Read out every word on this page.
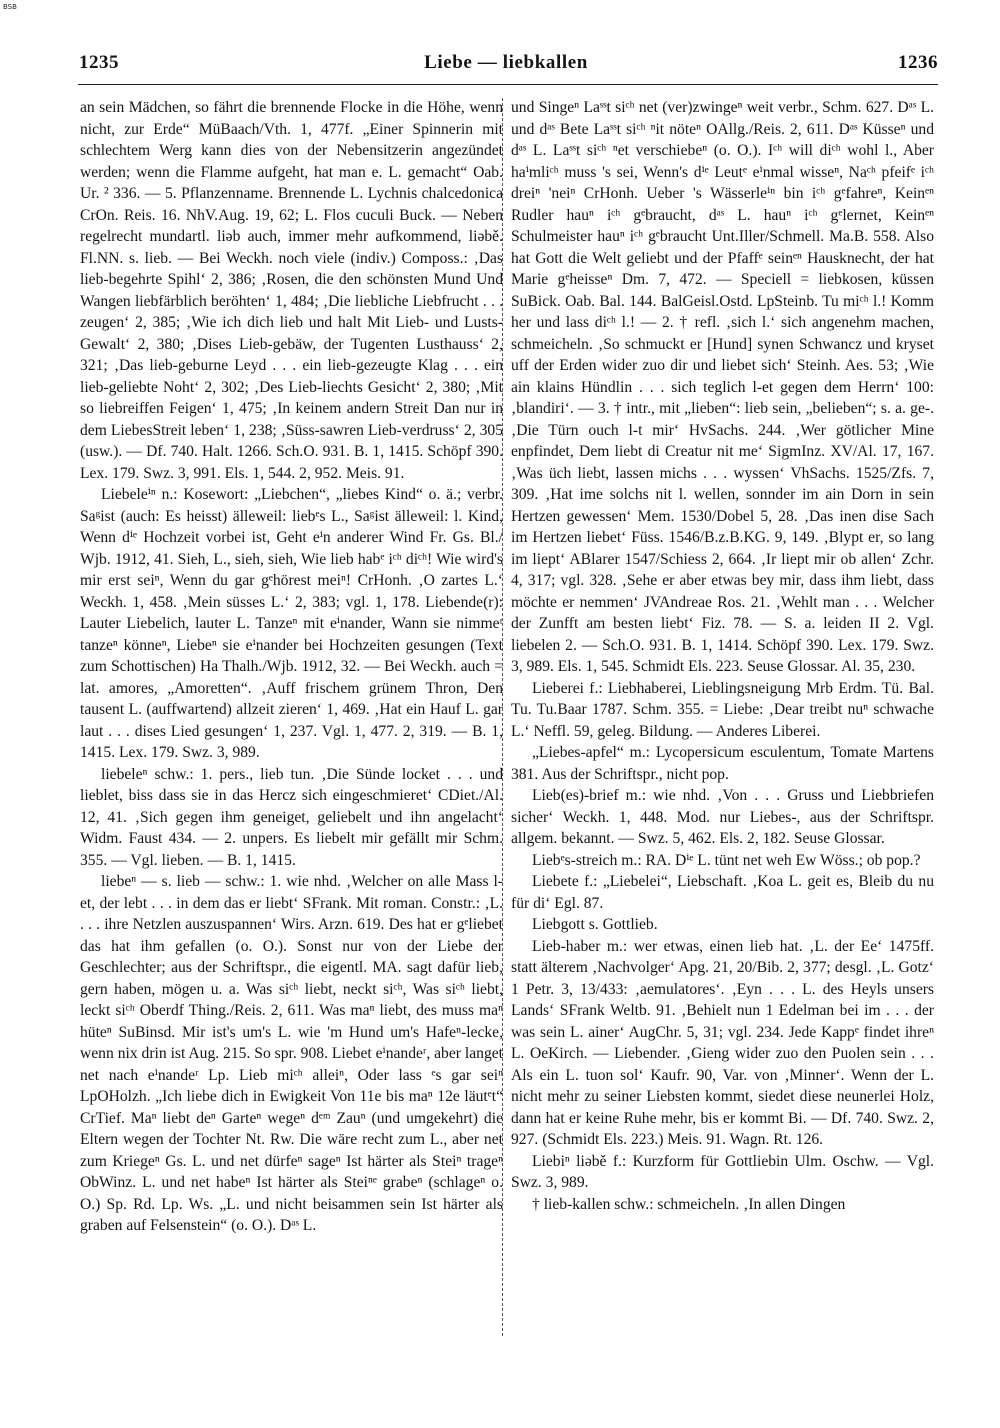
BSB
1235	Liebe — liebkallen	1236

an sein Mädchen, so fährt die brennende Flocke in die Höhe, wenn nicht, zur Erde“ MüBaach/Vth. 1, 477f. „Einer Spinnerin mit schlechtem Werg kann dies von der Nebensitzerin angezündet werden; wenn die Flamme aufgeht, hat man e. L. gemacht“ Oab. Ur. ² 336. — 5. Pflanzenname. Brennende L. Lychnis chalcedonica CrOn. Reis. 16. NhV.Aug. 19, 62; L. Flos cuculi Buck. — Neben regelrecht mundartl. liəb auch, immer mehr aufkommend, liəbě. Fl.NN. s. lieb. — Bei Weckh. noch viele (indiv.) Composs.: ‚Das lieb-begehrte Spihl‘ 2, 386; ‚Rosen, die den schönsten Mund Und Wangen liebfärblich beröhten‘ 1, 484; ‚Die liebliche Liebfrucht . . . zeugen‘ 2, 385; ‚Wie ich dich lieb und halt Mit Lieb- und Lusts-Gewalt‘ 2, 380; ‚Dises Lieb-gebäw, der Tugenten Lusthauss‘ 2, 321; ‚Das lieb-geburne Leyd . . . ein lieb-gezeugte Klag . . . ein lieb-geliebte Noht‘ 2, 302; ‚Des Lieb-liechts Gesicht‘ 2, 380; ‚Mit so liebreiffen Feigen‘ 1, 475; ‚In keinem andern Streit Dan nur in dem LiebesStreit leben‘ 1, 238; ‚Süss-sawren Lieb-verdruss‘ 2, 305 (usw.). — Df. 740. Halt. 1266. Sch.O. 931. B. 1, 1415. Schöpf 390. Lex. 179. Swz. 3, 991. Els. 1, 544. 2, 952. Meis. 91.

Liebeleⁱⁿ n.: Kosewort: „Liebchen“, „liebes Kind“ o. ä.; verbr. Saᵍist (auch: Es heisst) älleweil: liebᵉs L., Saᵍist älleweil: l. Kind, Wenn dⁱᵉ Hochzeit vorbei ist, Geht eⁱn anderer Wind Fr. Gs. Bl./ Wjb. 1912, 41. Sieh, L., sieh, sieh, Wie lieb habᵉ iᶜʰ diᶜʰ! Wie wird's mir erst seiⁿ, Wenn du gar gᵉhörest meiⁿ! CrHonh. ‚O zartes L.‘ Weckh. 1, 458. ‚Mein süsses L.‘ 2, 383; vgl. 1, 178. Liebende(r): Lauter Liebelich, lauter L. Tanzeⁿ mit eⁱnander, Wann sie nimmeʳ tanzeⁿ könneⁿ, Liebeⁿ sie eⁱnander bei Hochzeiten gesungen (Text zum Schottischen) Ha Thalh./Wjb. 1912, 32. — Bei Weckh. auch = lat. amores, „Amoretten“. ‚Auff frischem grünem Thron, Den tausent L. (auffwartend) allzeit zieren‘ 1, 469. ‚Hat ein Hauf L. gar laut . . . dises Lied gesungen‘ 1, 237. Vgl. 1, 477. 2, 319. — B. 1, 1415. Lex. 179. Swz. 3, 989.

liebeleⁿ schw.: 1. pers., lieb tun. ‚Die Sünde locket . . . und lieblet, biss dass sie in das Hercz sich eingeschmieret‘ CDiet./Al. 12, 41. ‚Sich gegen ihm geneiget, geliebelt und ihn angelacht‘ Widm. Faust 434. — 2. unpers. Es liebelt mir gefällt mir Schm. 355. — Vgl. lieben. — B. 1, 1415.

liebeⁿ — s. lieb — schw.: 1. wie nhd. ‚Welcher on alle Mass l-et, der lebt . . . in dem das er liebt‘ SFrank. Mit roman. Constr.: ‚L. . . . ihre Netzlen auszuspannen‘ Wirs. Arzn. 619. Des hat er gᵉliebet das hat ihm gefallen (o. O.). Sonst nur von der Liebe der Geschlechter; aus der Schriftspr., die eigentl. MA. sagt dafür lieb, gern haben, mögen u. a. Was siᶜʰ liebt, neckt siᶜʰ, Was siᶜʰ liebt, leckt siᶜʰ Oberdf Thing./Reis. 2, 611. Was maⁿ liebt, des muss maⁿ hüteⁿ SuBinsd. Mir ist's um's L. wie 'm Hund um's Hafeⁿ-lecke, wenn nix drin ist Aug. 215. So spr. 908. Liebet eⁱnandeʳ, aber langet net nach eⁱnandeʳ Lp. Lieb miᶜʰ alleiⁿ, Oder lass ᵉs gar seiⁿ LpOHolzh. „Ich liebe dich in Ewigkeit Von 11e bis maⁿ 12e läutᵉt“ CrTief. Maⁿ liebt deⁿ Garteⁿ wegeⁿ dᵉᵐ Zauⁿ (und umgekehrt) die Eltern wegen der Tochter Nt. Rw. Die wäre recht zum L., aber net zum Kriegeⁿ Gs. L. und net dürfeⁿ sageⁿ Ist härter als Steiⁿ trageⁿ ObWinz. L. und net habeⁿ Ist härter als Steiⁿᵉ grabeⁿ (schlageⁿ o. O.) Sp. Rd. Lp. Ws. „L. und nicht beisammen sein Ist härter als graben auf Felsenstein“ (o. O.). Dᵃˢ L.

und Singeⁿ Laˢˢt siᶜʰ net (ver)zwingeⁿ weit verbr., Schm. 627. Dᵃˢ L. und dᵃˢ Bete Laˢˢt siᶜʰ ⁿit nöteⁿ OAllg./Reis. 2, 611. Dᵃˢ Küsseⁿ und dᵃˢ L. Laˢˢt siᶜʰ ⁿet verschiebeⁿ (o. O.). Iᶜʰ will diᶜʰ wohl l., Aber haⁱmliᶜʰ muss 's sei, Wenn's dⁱᵉ Leutᵉ eⁱnmal wisseⁿ, Naᶜʰ pfeifᵉ iᶜʰ dreiⁿ 'neiⁿ CrHonh. Ueber 's Wässerleⁱⁿ bin iᶜʰ gᵉfahreⁿ, Keinᵉⁿ Rudler hauⁿ iᶜʰ gᵉbraucht, dᵃˢ L. hauⁿ iᶜʰ gᵉlernet, Keinᵉⁿ Schulmeister hauⁿ iᶜʰ gᵉbraucht Unt.Iller/Schmell. Ma.B. 558. Also hat Gott die Welt geliebt und der Pfaffᵉ seinᵉⁿ Hausknecht, der hat Marie gᵉheisseⁿ Dm. 7, 472. — Speciell = liebkosen, küssen SuBick. Oab. Bal. 144. BalGeisl.Ostd. LpSteinb. Tu miᶜʰ l.! Komm her und lass diᶜʰ l.! — 2. † refl. ‚sich l.‘ sich angenehm machen, schmeicheln. ‚So schmuckt er [Hund] synen Schwancz und kryset uff der Erden wider zuo dir und liebet sich‘ Steinh. Aes. 53; ‚Wie ain klains Hündlin . . . sich teglich l-et gegen dem Herrn‘ 100: ‚blandiri‘. — 3. † intr., mit „lieben“: lieb sein, „belieben“; s. a. ge-. ‚Die Türn ouch l-t mir‘ HvSachs. 244. ‚Wer götlicher Mine enpfindet, Dem liebt di Creatur nit me‘ SigmInz. XV/Al. 17, 167. ‚Was üch liebt, lassen michs . . . wyssen‘ VhSachs. 1525/Zfs. 7, 309. ‚Hat ime solchs nit l. wellen, sonnder im ain Dorn in sein Hertzen gewessen‘ Mem. 1530/Dobel 5, 28. ‚Das inen dise Sach im Hertzen liebet‘ Füss. 1546/B.z.B.KG. 9, 149. ‚Blypt er, so lang im liept‘ ABlarer 1547/Schiess 2, 664. ‚Ir liept mir ob allen‘ Zchr. 4, 317; vgl. 328. ‚Sehe er aber etwas bey mir, dass ihm liebt, dass möchte er nemmen‘ JVAndreae Ros. 21. ‚Wehlt man . . . Welcher der Zunfft am besten liebt‘ Fiz. 78. — S. a. leiden II 2. Vgl. liebelen 2. — Sch.O. 931. B. 1, 1414. Schöpf 390. Lex. 179. Swz. 3, 989. Els. 1, 545. Schmidt Els. 223. Seuse Glossar. Al. 35, 230.

Lieberei f.: Liebhaberei, Lieblingsneigung Mrb Erdm. Tü. Bal. Tu. Tu.Baar 1787. Schm. 355. = Liebe: ‚Dear treibt nuⁿ schwache L.‘ Neffl. 59, geleg. Bildung. — Anderes Liberei.

„Liebes-apfel“ m.: Lycopersicum esculentum, Tomate Martens 381. Aus der Schriftspr., nicht pop.

Lieb(es)-brief m.: wie nhd. ‚Von . . . Gruss und Liebbriefen sicher‘ Weckh. 1, 448. Mod. nur Liebes-, aus der Schriftspr. allgem. bekannt. — Swz. 5, 462. Els. 2, 182. Seuse Glossar.

Liebᵉs-streich m.: RA. Dⁱᵉ L. tünt net weh Ew Wöss.; ob pop.?

Liebete f.: „Liebelei“, Liebschaft. ‚Koa L. geit es, Bleib du nu für di‘ Egl. 87.

Liebgott s. Gottlieb.

Lieb-haber m.: wer etwas, einen lieb hat. ‚L. der Ee‘ 1475ff. statt älterem ‚Nachvolger‘ Apg. 21, 20/Bib. 2, 377; desgl. ‚L. Gotz‘ 1 Petr. 3, 13/433: ‚aemulatores‘. ‚Eyn . . . L. des Heyls unsers Lands‘ SFrank Weltb. 91. ‚Behielt nun 1 Edelman bei im . . . der was sein L. ainer‘ AugChr. 5, 31; vgl. 234. Jede Kappᵉ findet ihreⁿ L. OeKirch. — Liebender. ‚Gieng wider zuo den Puolen sein . . . Als ein L. tuon sol‘ Kaufr. 90, Var. von ‚Minner‘. Wenn der L. nicht mehr zu seiner Liebsten kommt, siedet diese neunerlei Holz, dann hat er keine Ruhe mehr, bis er kommt Bi. — Df. 740. Swz. 2, 927. (Schmidt Els. 223.) Meis. 91. Wagn. Rt. 126.

Liebiⁿ liəbě f.: Kurzform für Gottliebin Ulm. Oschw. — Vgl. Swz. 3, 989.

† lieb-kallen schw.: schmeicheln. ‚In allen Dingen
